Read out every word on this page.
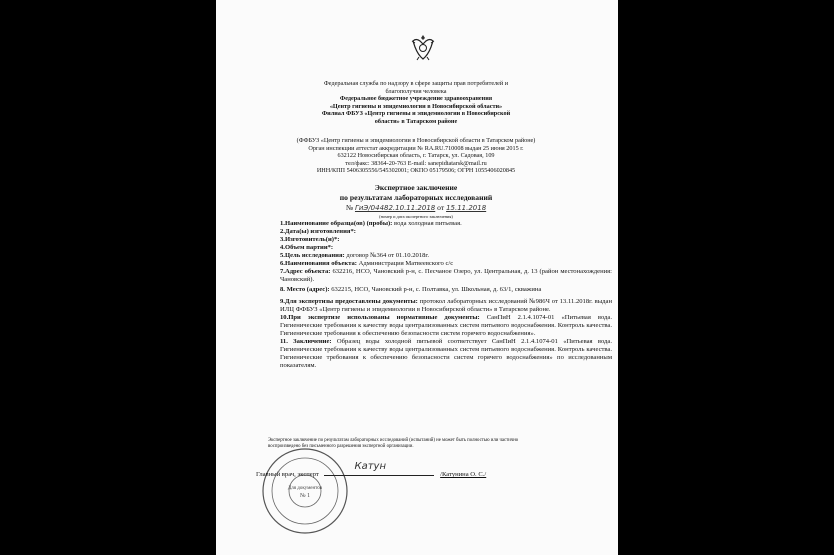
Федеральная служба по надзору в сфере защиты прав потребителей и
благополучия человека
Федеральное бюджетное учреждение здравоохранения
«Центр гигиены и эпидемиологии в Новосибирской области»
Филиал ФБУЗ «Центр гигиены и эпидемиологии в Новосибирской
области» в Татарском районе
(ФФБУЗ «Центр гигиены и эпидемиологии в Новосибирской области в Татарском районе)
Орган инспекции аттестат аккредитации № RA.RU.710008 выдан 25 июня 2015 г.
632122 Новосибирская область, г. Татарск, ул. Садовая, 109
тел/факс: 38364-20-763 E-mail: sanepidtatarsk@mail.ru
ИНН/КПП 5406305556/545302001; ОКПО 05179506; ОГРН 1055406020845
Экспертное заключение
по результатам лабораторных исследований
№ ГиЭ/04482.10.11.2018 от 15.11.2018
(номер и дата экспертного заключения)

1.Наименование образца(ов) (пробы): вода холодная питьевая.

2.Дата(ы) изготовления*:

3.Изготовитель(и)*:

4.Объем партии*:

5.Цель исследования: договор №364 от 01.10.2018г.

6.Наименования объекта: Администрация Матвеевского с/с

7.Адрес объекта: 632216, НСО, Чановский р-н, с. Песчаное Озеро, ул. Центральная, д. 13 (район местонахождения: Чановский).

8. Место (адрес): 632215, НСО, Чановский р-н, с. Полтавка, ул. Школьная, д. 63/1, скважина

9.Для экспертизы предоставлены документы: протокол лабораторных исследований №986Ч от 13.11.2018г. выдан ИЛЦ ФФБУЗ «Центр гигиены и эпидемиологии в Новосибирской области» в Татарском районе.

10.При экспертизе использованы нормативные документы: СанПиН 2.1.4.1074-01 «Питьевая вода. Гигиенические требования к качеству воды централизованных систем питьевого водоснабжения. Контроль качества. Гигиенические требования к обеспечению безопасности систем горячего водоснабжения».

11. Заключение: Образец воды холодной питьевой соответствует СанПиН 2.1.4.1074-01 «Питьевая вода. Гигиенические требования к качеству воды централизованных систем питьевого водоснабжения. Контроль качества. Гигиенические требования к обеспечению безопасности систем горячего водоснабжения» по исследованным показателям.

Экспертное заключение по результатам лабораторных исследований (испытаний) не может быть полностью или частично
воспроизведено без письменного разрешения экспертной организации.
Для документов
№ 1
Главный врач, эксперт
Катун
/Катунина О. С./
